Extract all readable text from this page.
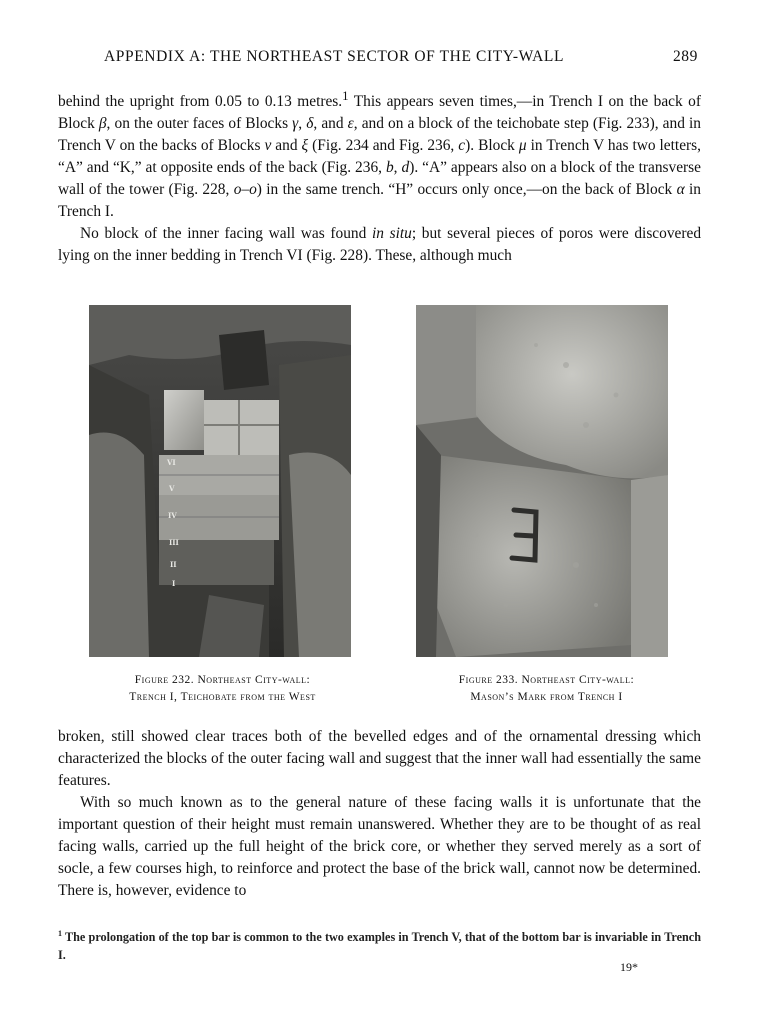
APPENDIX A: THE NORTHEAST SECTOR OF THE CITY-WALL	289

behind the upright from 0.05 to 0.13 metres.$^1$ This appears seven times,—in Trench I on the back of Block β, on the outer faces of Blocks γ, δ, and ε, and on a block of the teichobate step (Fig. 233), and in Trench V on the backs of Blocks ν and ξ (Fig. 234 and Fig. 236, c). Block μ in Trench V has two letters, “A” and “K,” at opposite ends of the back (Fig. 236, b, d). “A” appears also on a block of the transverse wall of the tower (Fig. 228, o–o) in the same trench. “H” occurs only once,—on the back of Block α in Trench I.

No block of the inner facing wall was found in situ; but several pieces of poros were discovered lying on the inner bedding in Trench VI (Fig. 228). These, although much

VI
V
IV
III
II
I
Figure 232. Northeast City-wall:
Trench I, Teichobate from the West
Figure 233. Northeast City-wall:
Mason’s Mark from Trench I

broken, still showed clear traces both of the bevelled edges and of the ornamental dressing which characterized the blocks of the outer facing wall and suggest that the inner wall had essentially the same features.

With so much known as to the general nature of these facing walls it is unfortunate that the important question of their height must remain unanswered. Whether they are to be thought of as real facing walls, carried up the full height of the brick core, or whether they served merely as a sort of socle, a few courses high, to reinforce and protect the base of the brick wall, cannot now be determined. There is, however, evidence to

$^1$ The prolongation of the top bar is common to the two examples in Trench V, that of the bottom bar is invariable in Trench I.
19*
